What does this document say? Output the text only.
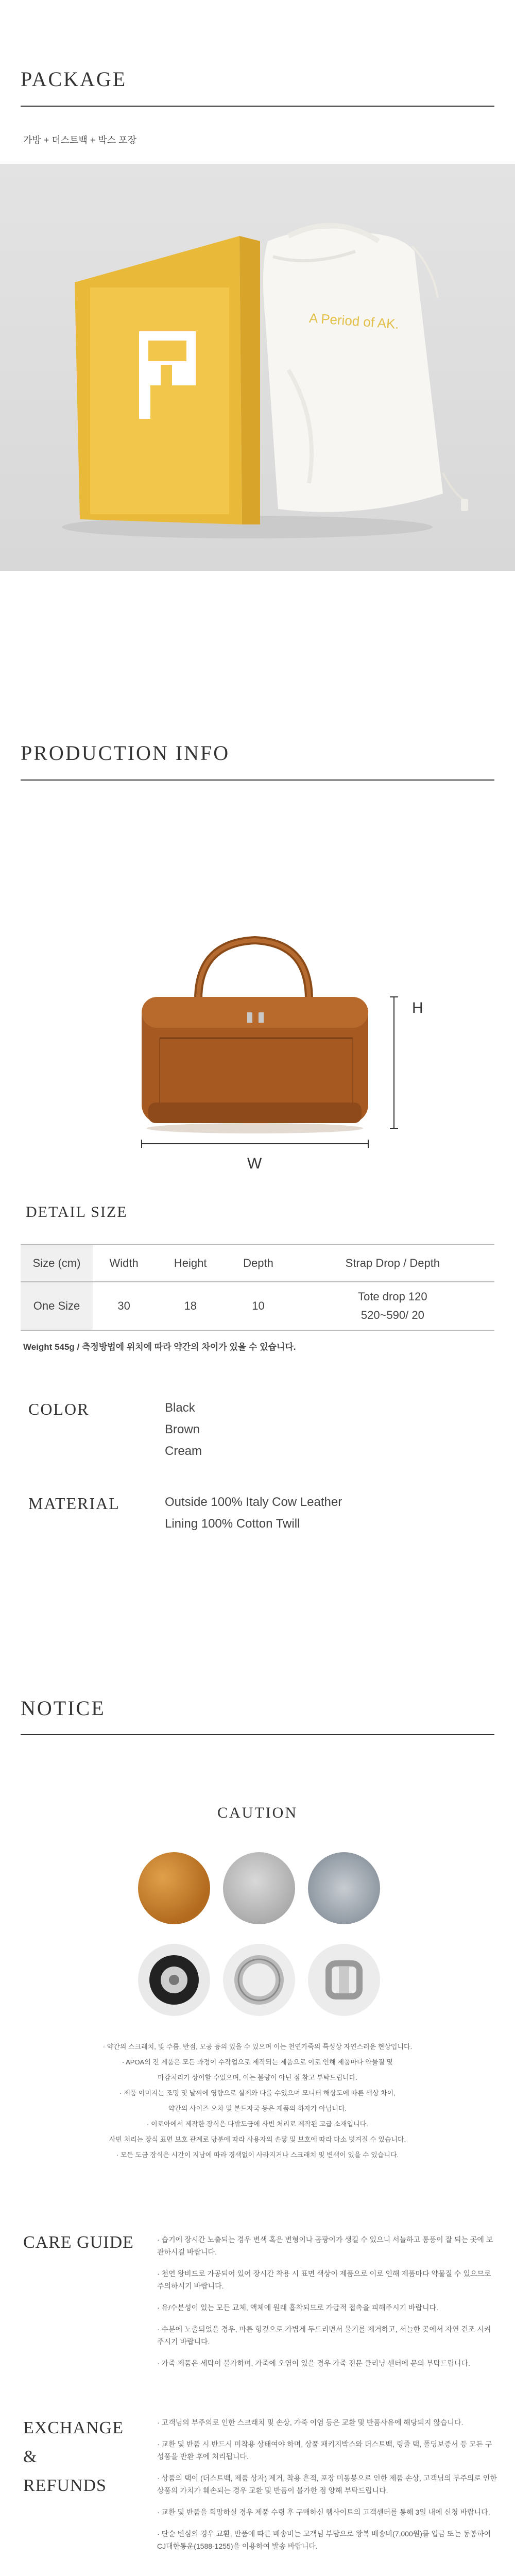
PACKAGE
가방 + 더스트백 + 박스 포장
A Period of AK.
PRODUCTION INFO
H
W
DETAIL SIZE
Size (cm)	Width	Height	Depth	Strap Drop / Depth
One Size	30	18	10	Tote drop 120
520~590/ 20
Weight 545g / 측정방법에 위치에 따라 약간의 차이가 있을 수 있습니다.
COLOR	Black
Brown
Cream
MATERIAL	Outside 100% Italy Cow Leather
Lining 100% Cotton Twill
NOTICE
CAUTION
· 약간의 스크래치, 빛 주름, 반점, 모공 등의 있을 수 있으며 이는 천연가죽의 특성상 자연스러운 현상입니다.
· APOA의 전 제품은 모든 과정이 수작업으로 제작되는 제품으로 이로 인해 제품마다 약물질 및
마감처리가 상이할 수있으며, 이는 불량이 아닌 점 참고 부탁드립니다.
· 제품 이미지는 조명 및 날씨에 영향으로 실제와 다를 수있으며 모니터 해상도에 따른 색상 차이,
약간의 사이즈 오차 및 본드자국 등은 제품의 하자가 아닙니다.
· 이로아에서 제작한 장식은 다밖도금에 사빈 처리로 제작된 고급 소재입니다.
사빈 처리는 장식 표면 보호 관계로 당분에 따라 사용자의 손닿 및 보호에 따라 다소 벗겨질 수 있습니다.
· 모든 도금 장식은 시간이 지남에 따라 경색없이 사라지거나 스크래치 및 변색이 있을 수 있습니다.
CARE GUIDE	· 습기에 장시간 노출되는 경우 변색 혹은 변형이나 곰팡이가 생길 수 있으니 서늘하고 통풍이 잘 되는 곳에 보관하시길 바랍니다.

· 천연 왕비드로 가공되어 있어 장시간 착용 시 표면 색상이 제품으로 이로 인해 제품마다 약물질 수 있으므로 주의하시기 바랍니다.

· 유/수분성이 있는 모든 교체, 액체에 원래 흡착되므로 가급적 접촉을 피해주시기 바랍니다.

· 수분에 노출되었을 경우, 마른 헝겊으로 가볍게 두드리면서 물기를 제거하고, 서늘한 곳에서 자연 건조 시켜주시기 바랍니다.

· 가죽 제품은 세탁이 불가하며, 가죽에 오염이 있을 경우 가죽 전문 클리닝 센터에 문의 부탁드립니다.

EXCHANGE
&
REFUNDS

· 고객님의 부주의로 인한 스크래치 및 손상, 가죽 이염 등은 교환 및 반품사유에 해당되지 않습니다.

· 교환 및 반품 시 반드시 미착용 상태여야 하며, 상품 패키지박스와 더스트백, 링줄 택, 폴딩보증서 등 모든 구성품을 반환 후에 처리됩니다.

· 상품의 택이 (더스트백, 제품 상자) 제거, 착용 흔적, 포장 미동봉으로 인한 제품 손상, 고객님의 부주의로 인한 상품의 가치가 훼손되는 경우 교환 및 반품이 불가한 점 양해 부탁드립니다.

· 교환 및 반품을 희망하실 경우 제품 수령 후 구매하신 웹사이트의 고객센터를 통해 3일 내에 신청 바랍니다.

· 단순 변심의 경우 교환, 반품에 따른 배송비는 고객님 부담으로 왕복 배송비(7,000원)를 입금 또는 동봉하여 CJ대한통운(1588-1255)을 이용하여 발송 바랍니다.
